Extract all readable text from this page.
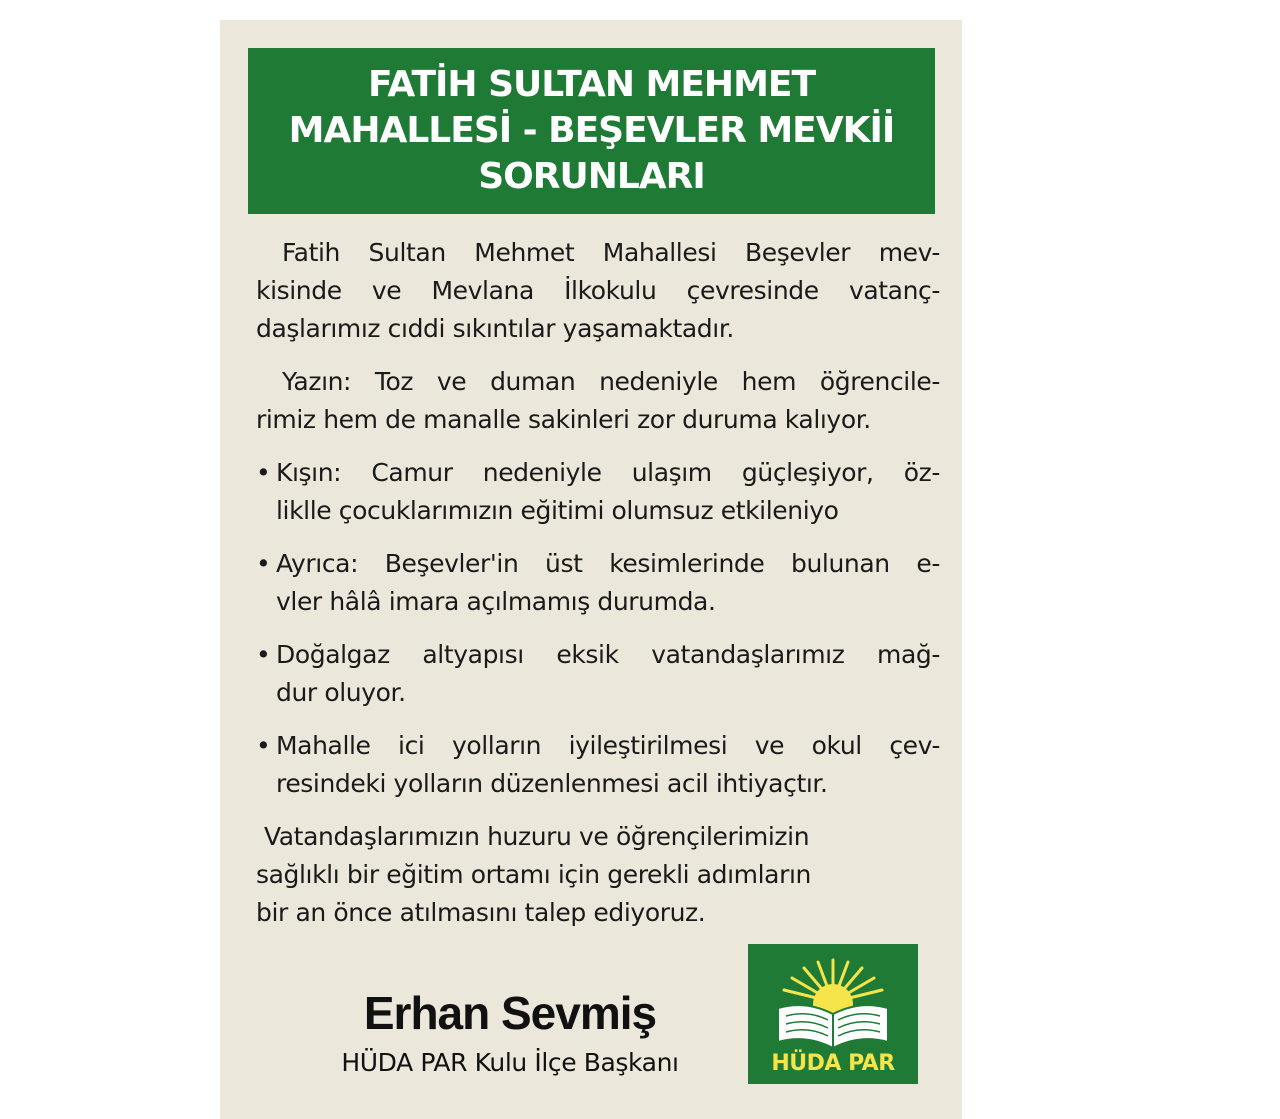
FATİH SULTAN MEHMET
MAHALLESİ - BEŞEVLER MEVKİİ
SORUNLARI
Fatih Sultan Mehmet Mahallesi Beşevler mev-
kisinde ve Mevlana İlkokulu çevresinde vatanç-
daşlarımız cıddi sıkıntılar yaşamaktadır.
Yazın: Toz ve duman nedeniyle hem öğrencile-
rimiz hem de manalle sakinleri zor duruma kalıyor.
• Kışın: Camur nedeniyle ulaşım güçleşiyor, öz-
liklle çocuklarımızın eğitimi olumsuz etkileniyo
• Ayrıca: Beşevler'in üst kesimlerinde bulunan e-
vler hâlâ imara açılmamış durumda.
• Doğalgaz altyapısı eksik vatandaşlarımız mağ-
dur oluyor.
• Mahalle ici yolların iyileştirilmesi ve okul çev-
resindeki yolların düzenlenmesi acil ihtiyaçtır.
Vatandaşlarımızın huzuru ve öğrençilerimizin
sağlıklı bir eğitim ortamı için gerekli adımların
bir an önce atılmasını talep ediyoruz.
Erhan Sevmiş
HÜDA PAR Kulu İlçe Başkanı	HÜDA PAR
